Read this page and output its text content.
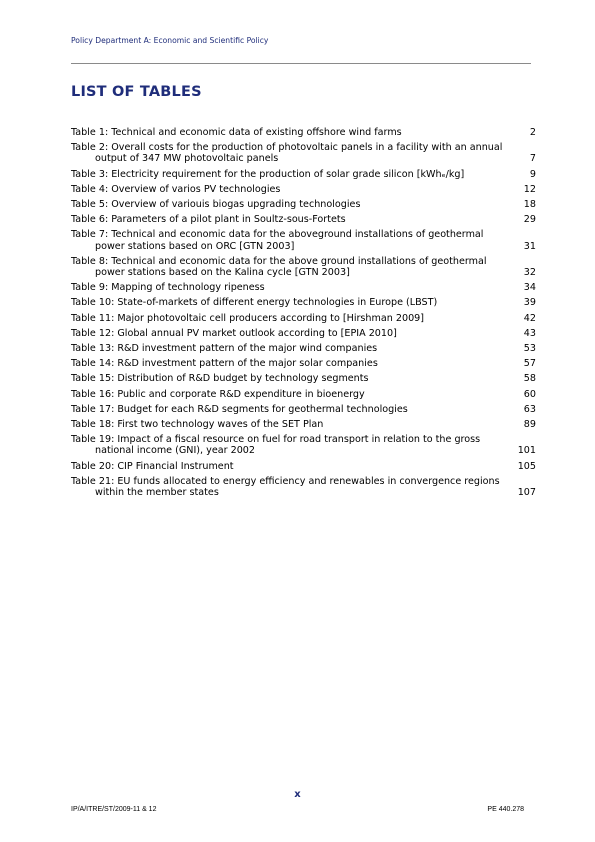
Policy Department A: Economic and Scientific Policy
LIST OF TABLES
Table 1: Technical and economic data of existing offshore wind farms	2
Table 2: Overall costs for the production of photovoltaic panels in a facility with an annual
output of 347 MW photovoltaic panels	7
Table 3: Electricity requirement for the production of solar grade silicon [kWhₑ/kg]	9
Table 4: Overview of varios PV technologies	12
Table 5: Overview of variouis biogas upgrading technologies	18
Table 6: Parameters of a pilot plant in Soultz-sous-Fortets	29
Table 7: Technical and economic data for the aboveground installations of geothermal
power stations based on ORC [GTN 2003]	31
Table 8: Technical and economic data for the above ground installations of geothermal
power stations based on the Kalina cycle [GTN 2003]	32
Table 9: Mapping of technology ripeness	34
Table 10: State-of-markets of different energy technologies in Europe (LBST)	39
Table 11: Major photovoltaic cell producers according to [Hirshman 2009]	42
Table 12: Global annual PV market outlook according to [EPIA 2010]	43
Table 13: R&D investment pattern of the major wind companies	53
Table 14: R&D investment pattern of the major solar companies	57
Table 15: Distribution of R&D budget by technology segments	58
Table 16: Public and corporate R&D expenditure in bioenergy	60
Table 17: Budget for each R&D segments for geothermal technologies	63
Table 18: First two technology waves of the SET Plan	89
Table 19: Impact of a fiscal resource on fuel for road transport in relation to the gross
national income (GNI), year 2002	101
Table 20: CIP Financial Instrument	105
Table 21: EU funds allocated to energy efficiency and renewables in convergence regions
within the member states	107
x
IP/A/ITRE/ST/2009-11 & 12	PE 440.278
